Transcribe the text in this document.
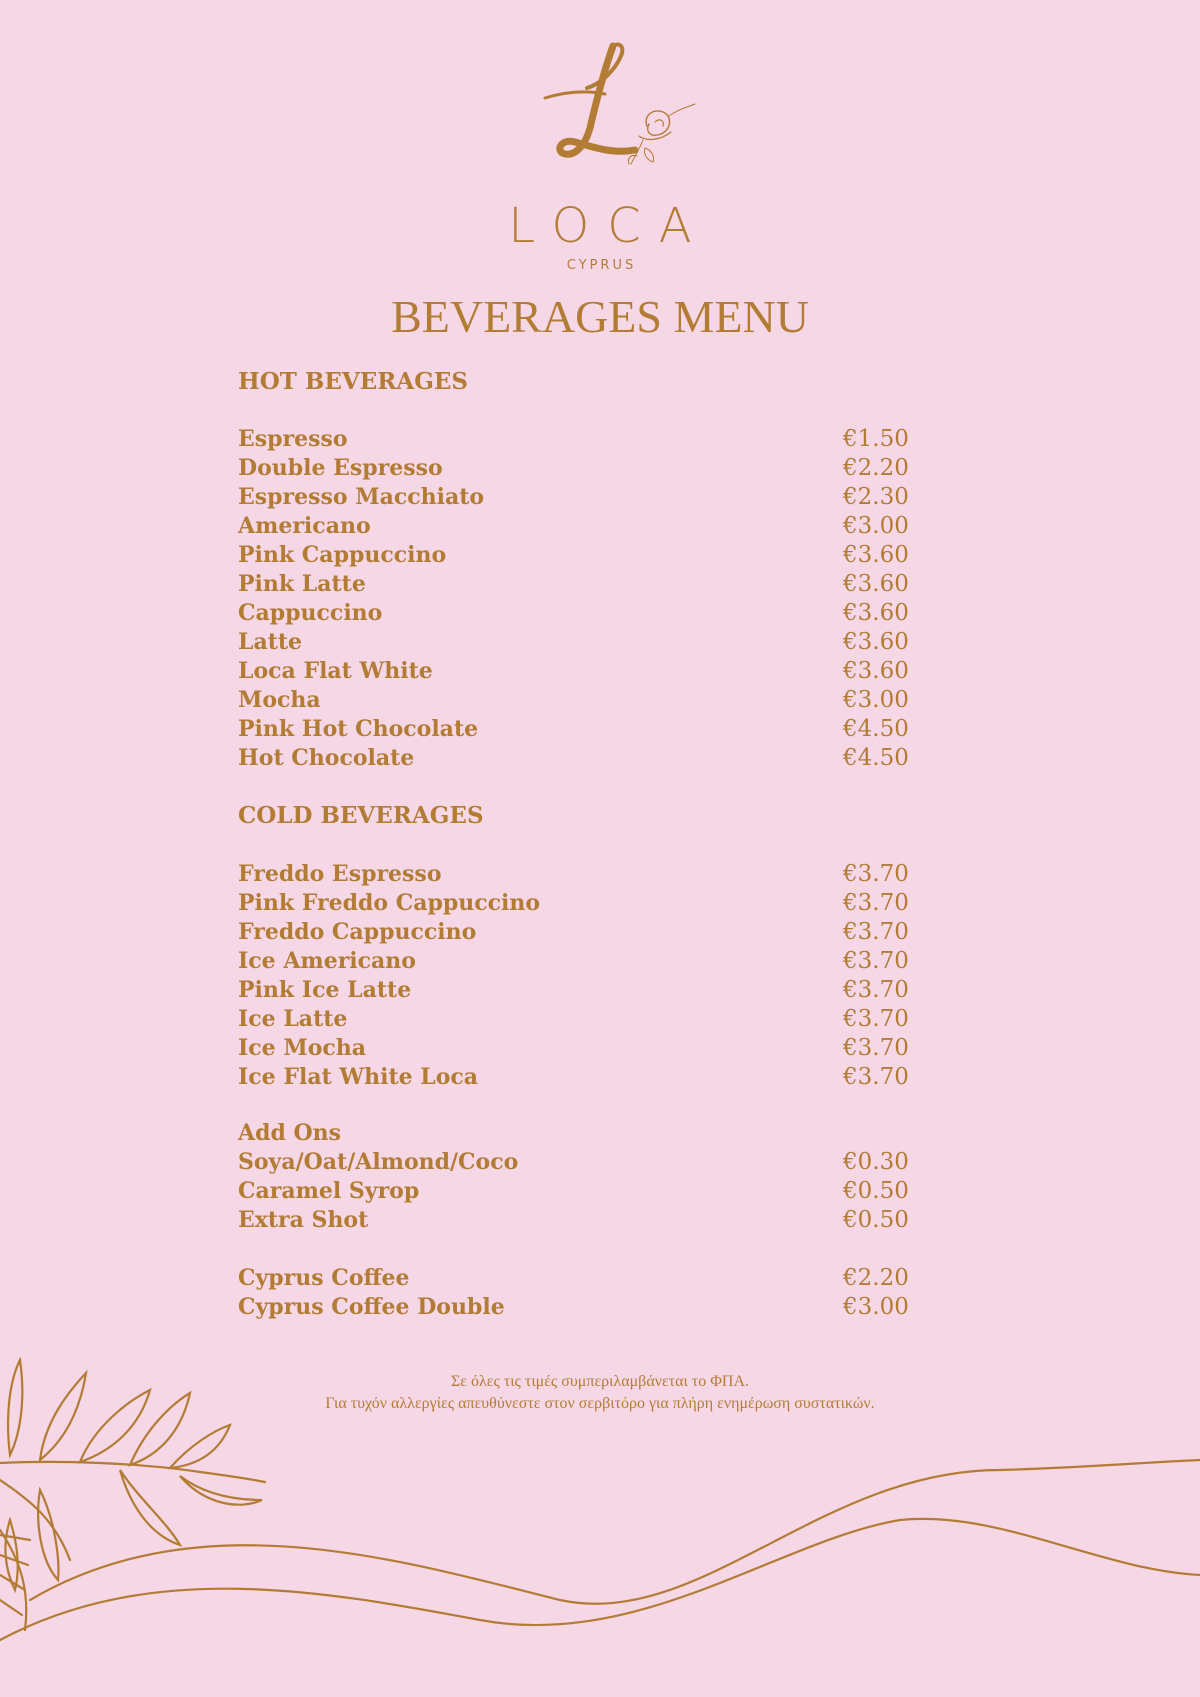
LOCA
CYPRUS
BEVERAGES MENU
HOT BEVERAGES
Espresso	€1.50
Double Espresso	€2.20
Espresso Macchiato	€2.30
Americano	€3.00
Pink Cappuccino	€3.60
Pink Latte	€3.60
Cappuccino	€3.60
Latte	€3.60
Loca Flat White	€3.60
Mocha	€3.00
Pink Hot Chocolate	€4.50
Hot Chocolate	€4.50
COLD BEVERAGES
Freddo Espresso	€3.70
Pink Freddo Cappuccino	€3.70
Freddo Cappuccino	€3.70
Ice Americano	€3.70
Pink Ice Latte	€3.70
Ice Latte	€3.70
Ice Mocha	€3.70
Ice Flat White Loca	€3.70
Add Ons
Soya/Oat/Almond/Coco	€0.30
Caramel Syrop	€0.50
Extra Shot	€0.50
Cyprus Coffee	€2.20
Cyprus Coffee Double	€3.00
Σε όλες τις τιμές συμπεριλαμβάνεται το ΦΠΑ.
Για τυχόν αλλεργίες απευθύνεστε στον σερβιτόρο για πλήρη ενημέρωση συστατικών.
